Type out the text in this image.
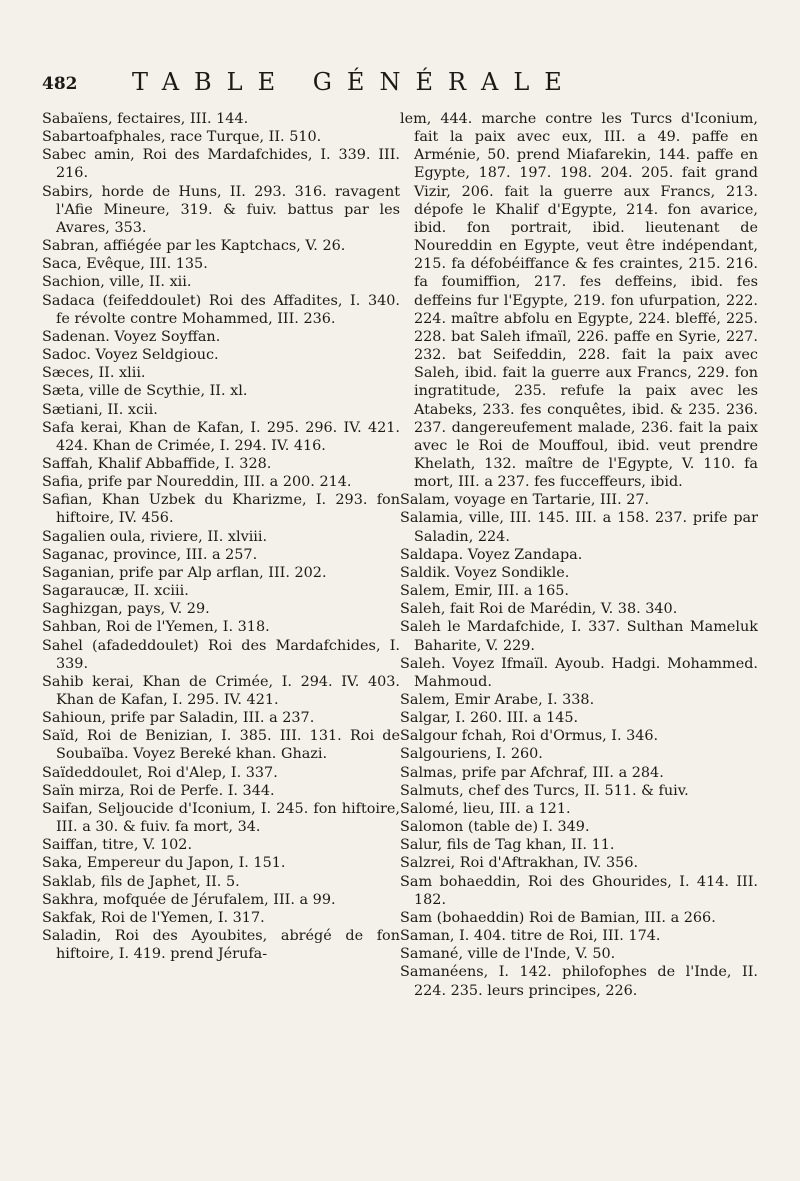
482 TABLE GÉNÉRALE

Sabaïens, fectaires, III. 144.

Sabartoafphales, race Turque, II. 510.

Sabec amin, Roi des Mardafchides, I. 339. III. 216.

Sabirs, horde de Huns, II. 293. 316. ravagent l'Afie Mineure, 319. & fuiv. battus par les Avares, 353.

Sabran, affiégée par les Kaptchacs, V. 26.

Saca, Evêque, III. 135.

Sachion, ville, II. xii.

Sadaca (feifeddoulet) Roi des Affadites, I. 340. fe révolte contre Mohammed, III. 236.

Sadenan. Voyez Soyffan.

Sadoc. Voyez Seldgiouc.

Sæces, II. xlii.

Sæta, ville de Scythie, II. xl.

Sætiani, II. xcii.

Safa kerai, Khan de Kafan, I. 295. 296. IV. 421. 424. Khan de Crimée, I. 294. IV. 416.

Saffah, Khalif Abbaffide, I. 328.

Safia, prife par Noureddin, III. a 200. 214.

Safian, Khan Uzbek du Kharizme, I. 293. fon hiftoire, IV. 456.

Sagalien oula, riviere, II. xlviii.

Saganac, province, III. a 257.

Saganian, prife par Alp arflan, III. 202.

Sagaraucæ, II. xciii.

Saghizgan, pays, V. 29.

Sahban, Roi de l'Yemen, I. 318.

Sahel (afadeddoulet) Roi des Mardafchides, I. 339.

Sahib kerai, Khan de Crimée, I. 294. IV. 403. Khan de Kafan, I. 295. IV. 421.

Sahioun, prife par Saladin, III. a 237.

Saïd, Roi de Benizian, I. 385. III. 131. Roi de Soubaïba. Voyez Bereké khan. Ghazi.

Saïdeddoulet, Roi d'Alep, I. 337.

Saïn mirza, Roi de Perfe. I. 344.

Saifan, Seljoucide d'Iconium, I. 245. fon hiftoire, III. a 30. & fuiv. fa mort, 34.

Saiffan, titre, V. 102.

Saka, Empereur du Japon, I. 151.

Saklab, fils de Japhet, II. 5.

Sakhra, mofquée de Jérufalem, III. a 99.

Sakfak, Roi de l'Yemen, I. 317.

Saladin, Roi des Ayoubites, abrégé de fon hiftoire, I. 419. prend Jérufa-

lem, 444. marche contre les Turcs d'Iconium, fait la paix avec eux, III. a 49. paffe en Arménie, 50. prend Miafarekin, 144. paffe en Egypte, 187. 197. 198. 204. 205. fait grand Vizir, 206. fait la guerre aux Francs, 213. dépofe le Khalif d'Egypte, 214. fon avarice, ibid. fon portrait, ibid. lieutenant de Noureddin en Egypte, veut être indépendant, 215. fa défobéiffance & fes craintes, 215. 216. fa foumiffion, 217. fes deffeins, ibid. fes deffeins fur l'Egypte, 219. fon ufurpation, 222. 224. maître abfolu en Egypte, 224. bleffé, 225. 228. bat Saleh ifmaïl, 226. paffe en Syrie, 227. 232. bat Seifeddin, 228. fait la paix avec Saleh, ibid. fait la guerre aux Francs, 229. fon ingratitude, 235. refufe la paix avec les Atabeks, 233. fes conquêtes, ibid. & 235. 236. 237. dangereufement malade, 236. fait la paix avec le Roi de Mouffoul, ibid. veut prendre Khelath, 132. maître de l'Egypte, V. 110. fa mort, III. a 237. fes fucceffeurs, ibid.

Salam, voyage en Tartarie, III. 27.

Salamia, ville, III. 145. III. a 158. 237. prife par Saladin, 224.

Saldapa. Voyez Zandapa.

Saldik. Voyez Sondikle.

Salem, Emir, III. a 165.

Saleh, fait Roi de Marédin, V. 38. 340.

Saleh le Mardafchide, I. 337. Sulthan Mameluk Baharite, V. 229.

Saleh. Voyez Ifmaïl. Ayoub. Hadgi. Mohammed. Mahmoud.

Salem, Emir Arabe, I. 338.

Salgar, I. 260. III. a 145.

Salgour fchah, Roi d'Ormus, I. 346.

Salgouriens, I. 260.

Salmas, prife par Afchraf, III. a 284.

Salmuts, chef des Turcs, II. 511. & fuiv.

Salomé, lieu, III. a 121.

Salomon (table de) I. 349.

Salur, fils de Tag khan, II. 11.

Salzrei, Roi d'Aftrakhan, IV. 356.

Sam bohaeddin, Roi des Ghourides, I. 414. III. 182.

Sam (bohaeddin) Roi de Bamian, III. a 266.

Saman, I. 404. titre de Roi, III. 174.

Samané, ville de l'Inde, V. 50.

Samanéens, I. 142. philofophes de l'Inde, II. 224. 235. leurs principes, 226.
